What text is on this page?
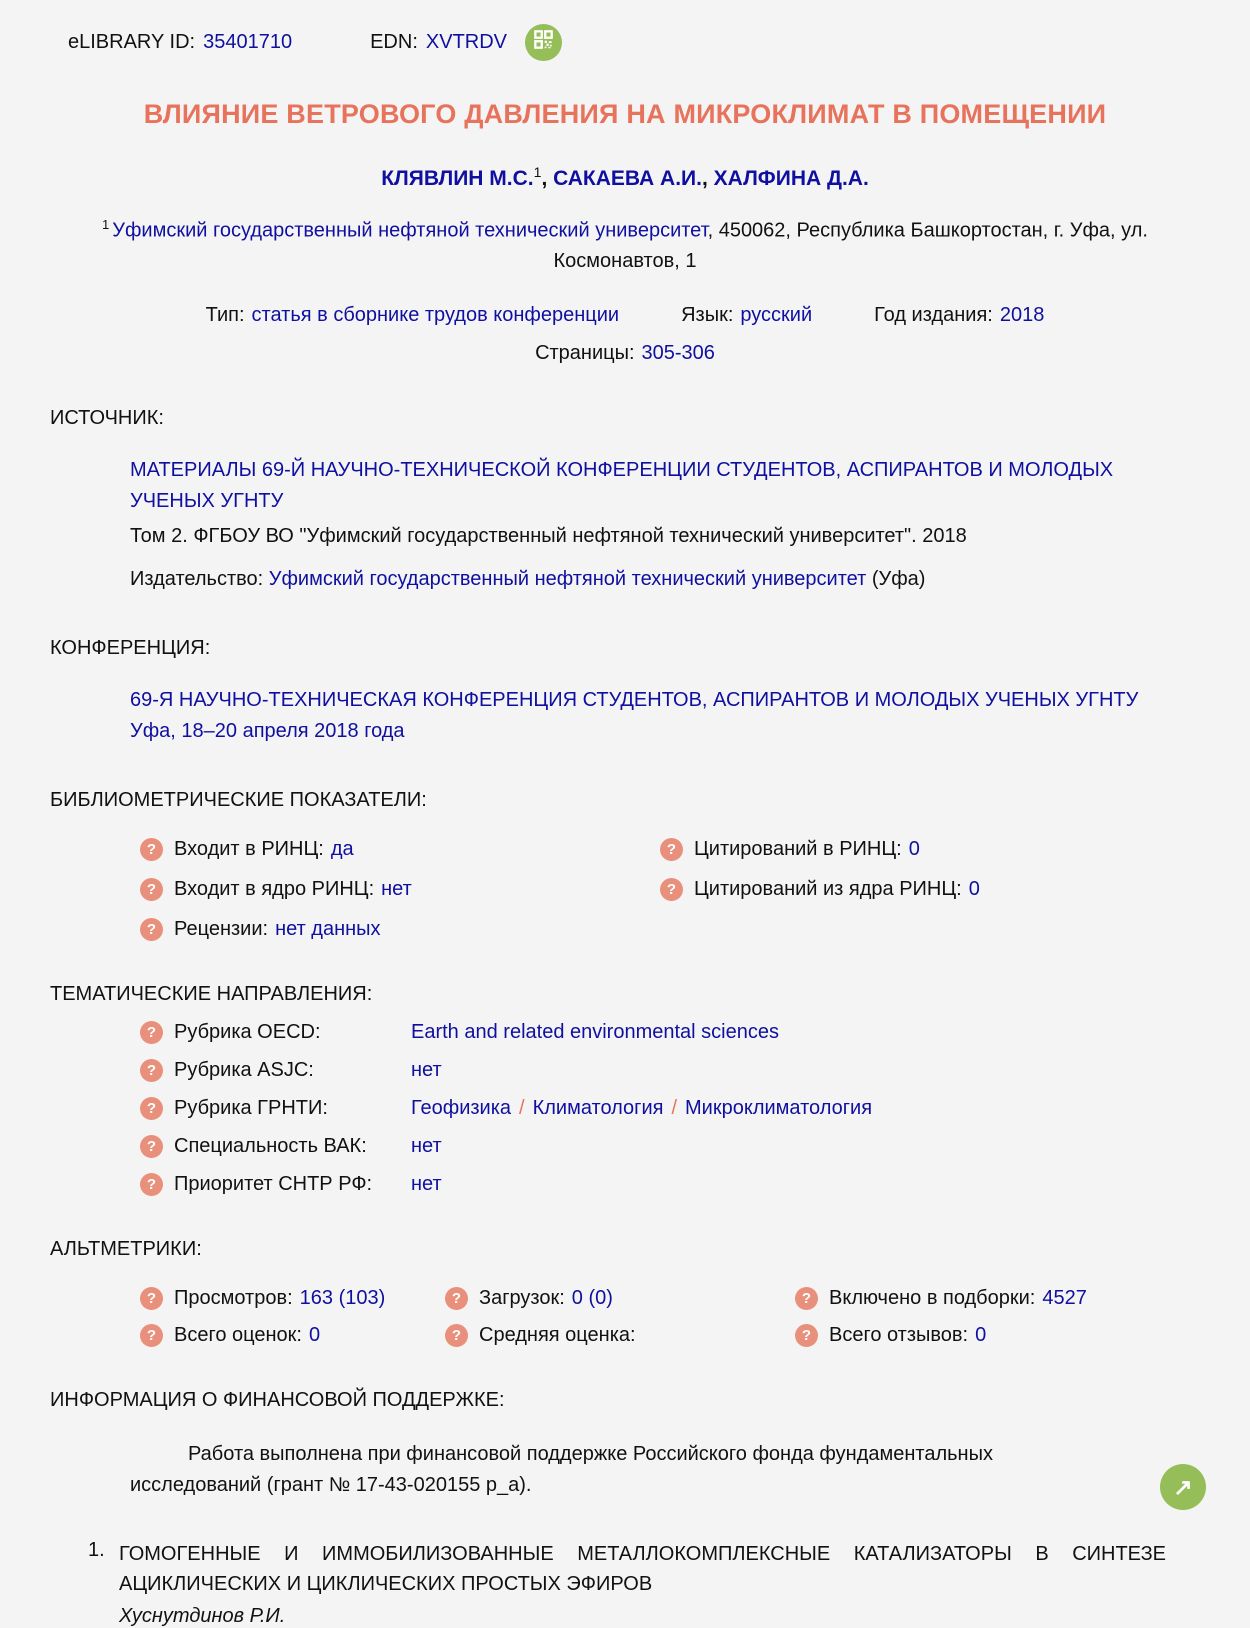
eLIBRARY ID: 35401710	EDN: XVTRDV
ВЛИЯНИЕ ВЕТРОВОГО ДАВЛЕНИЯ НА МИКРОКЛИМАТ В ПОМЕЩЕНИИ
КЛЯВЛИН М.С.$^1$, САКАЕВА А.И., ХАЛФИНА Д.А.
$^1$ Уфимский государственный нефтяной технический университет, 450062, Республика Башкортостан, г. Уфа, ул. Космонавтов, 1
Тип: статья в сборнике трудов конференции	Язык: русский	Год издания: 2018
Страницы: 305-306
ИСТОЧНИК:
МАТЕРИАЛЫ 69-Й НАУЧНО-ТЕХНИЧЕСКОЙ КОНФЕРЕНЦИИ СТУДЕНТОВ, АСПИРАНТОВ И МОЛОДЫХ УЧЕНЫХ УГНТУ
Том 2. ФГБОУ ВО "Уфимский государственный нефтяной технический университет". 2018
Издательство: Уфимский государственный нефтяной технический университет (Уфа)
КОНФЕРЕНЦИЯ:
69-Я НАУЧНО-ТЕХНИЧЕСКАЯ КОНФЕРЕНЦИЯ СТУДЕНТОВ, АСПИРАНТОВ И МОЛОДЫХ УЧЕНЫХ УГНТУ
Уфа, 18–20 апреля 2018 года
БИБЛИОМЕТРИЧЕСКИЕ ПОКАЗАТЕЛИ:
? Входит в РИНЦ: да	? Цитирований в РИНЦ: 0
? Входит в ядро РИНЦ: нет	? Цитирований из ядра РИНЦ: 0
? Рецензии: нет данных
ТЕМАТИЧЕСКИЕ НАПРАВЛЕНИЯ:
? Рубрика OECD:	Earth and related environmental sciences
? Рубрика ASJC:	нет
? Рубрика ГРНТИ:	Геофизика / Климатология / Микроклиматология
? Специальность ВАК:	нет
? Приоритет СНТР РФ:	нет
АЛЬТМЕТРИКИ:
? Просмотров: 163 (103)	? Загрузок: 0 (0)	? Включено в подборки: 4527
? Всего оценок: 0	? Средняя оценка:	? Всего отзывов: 0
ИНФОРМАЦИЯ О ФИНАНСОВОЙ ПОДДЕРЖКЕ:
Работа выполнена при финансовой поддержке Российского фонда фундаментальных исследований (грант № 17-43-020155 р_а).
1. ГОМОГЕННЫЕ И ИММОБИЛИЗОВАННЫЕ МЕТАЛЛОКОМПЛЕКСНЫЕ КАТАЛИЗАТОРЫ В СИНТЕЗЕ АЦИКЛИЧЕСКИХ И ЦИКЛИЧЕСКИХ ПРОСТЫХ ЭФИРОВ
Хуснутдинов Р.И.
↗
